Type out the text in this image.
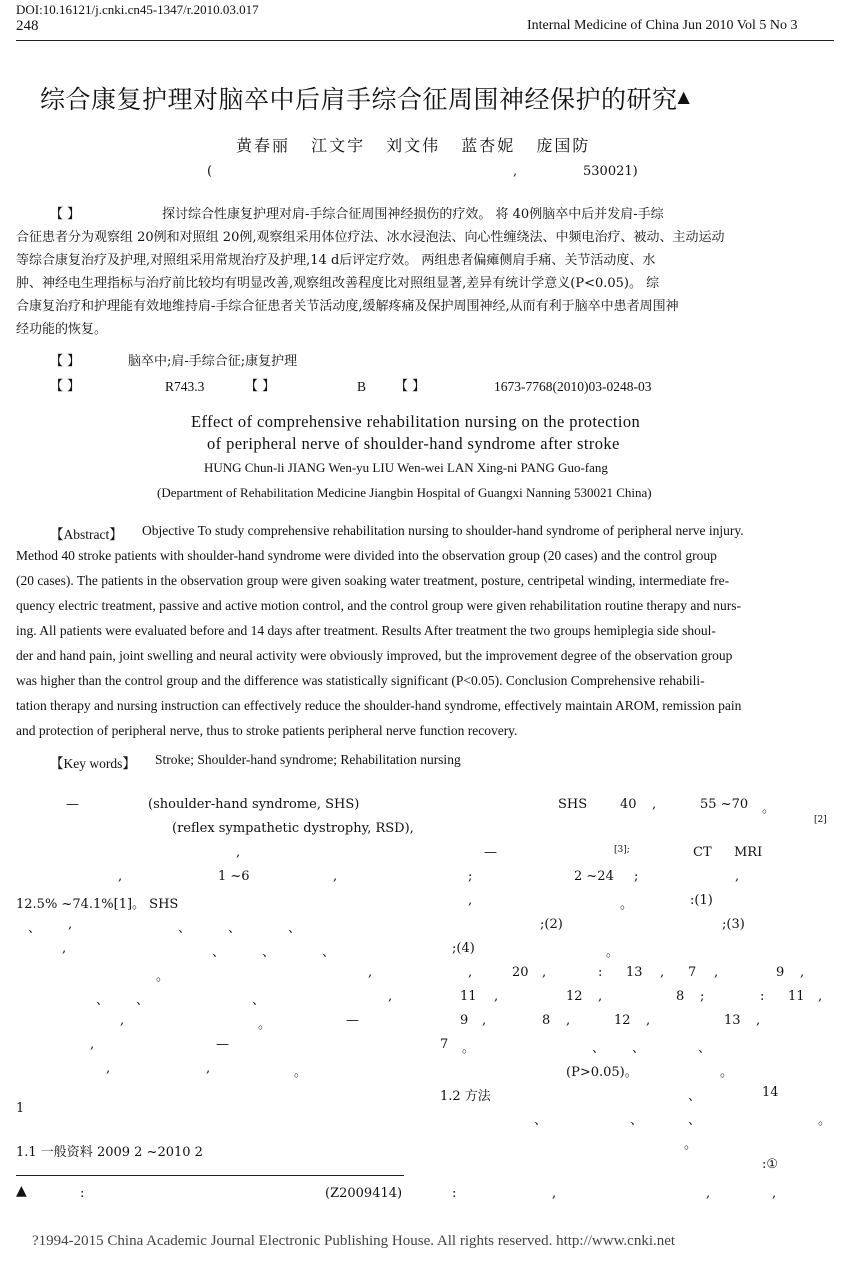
DOI:10.16121/j.cnki.cn45-1347/r.2010.03.017
248	Internal Medicine of China Jun 2010 Vol 5 No 3
综合康复护理对脑卒中后肩手综合征周围神经保护的研究▲
黄春丽 江文宇 刘文伟 蓝杏妮 庞国防
(	,	530021)
【 】	探讨综合性康复护理对肩-手综合征周围神经损伤的疗效。 将 40例脑卒中后并发肩-手综
合征患者分为观察组 20例和对照组 20例,观察组采用体位疗法、冰水浸泡法、向心性缠绕法、中频电治疗、被动、主动运动
等综合康复治疗及护理,对照组采用常规治疗及护理,14 d后评定疗效。 两组患者偏瘫侧肩手痛、关节活动度、水
肿、神经电生理指标与治疗前比较均有明显改善,观察组改善程度比对照组显著,差异有统计学意义(P<0.05)。 综
合康复治疗和护理能有效地维持肩-手综合征患者关节活动度,缓解疼痛及保护周围神经,从而有利于脑卒中患者周围神
经功能的恢复。
【 】	脑卒中;肩-手综合征;康复护理
【 】	R743.3	【 】	B 【 】	1673-7768(2010)03-0248-03
Effect of comprehensive rehabilitation nursing on the protection
of peripheral nerve of shoulder-hand syndrome after stroke
HUNG Chun-li JIANG Wen-yu LIU Wen-wei LAN Xing-ni PANG Guo-fang
(Department of Rehabilitation Medicine Jiangbin Hospital of Guangxi Nanning 530021 China)
【Abstract】 Objective To study comprehensive rehabilitation nursing to shoulder-hand syndrome of peripheral nerve injury.
Method 40 stroke patients with shoulder-hand syndrome were divided into the observation group (20 cases) and the control group
(20 cases). The patients in the observation group were given soaking water treatment, posture, centripetal winding, intermediate fre-
quency electric treatment, passive and active motion control, and the control group were given rehabilitation routine therapy and nurs-
ing. All patients were evaluated before and 14 days after treatment. Results After treatment the two groups hemiplegia side shoul-
der and hand pain, joint swelling and neural activity were obviously improved, but the improvement degree of the observation group
was higher than the control group and the difference was statistically significant (P<0.05). Conclusion Comprehensive rehabili-
tation therapy and nursing instruction can effectively reduce the shoulder-hand syndrome, effectively maintain AROM, remission pain
and protection of peripheral nerve, thus to stroke patients peripheral nerve function recovery.
【Key words】 Stroke; Shoulder-hand syndrome; Rehabilitation nursing
—	(shoulder-hand syndrome, SHS)
(reflex sympathetic dystrophy, RSD),
,
,	1 ~6	,
12.5% ~74.1%[1]。 SHS
、 ,	、	、	、
,	、	、	、
。	,
、 、	、	,
,	。	—
,	—
,	,	。
1
1.1 一般资料 2009 2 ~2010 2
(Z2009414)
:
SHS	40 ,	55 ~70 。
[2]
—	[3];	CT MRI
;	2 ~24 ;	,
,	。	:(1)
;(2)	;(3)
;(4)	。
,	20 ,	: 13 , 7 ,	9 ,
11 ,	12 ,	8 ;	: 11 ,
9 ,	8 ,	12 ,	13 ,
7 。	、 、	、
(P>0.05)。	。
1.2 方法	、	14
、	、	、	。
。
:①
:	,	,	,
▲
?1994-2015 China Academic Journal Electronic Publishing House. All rights reserved. http://www.cnki.net
